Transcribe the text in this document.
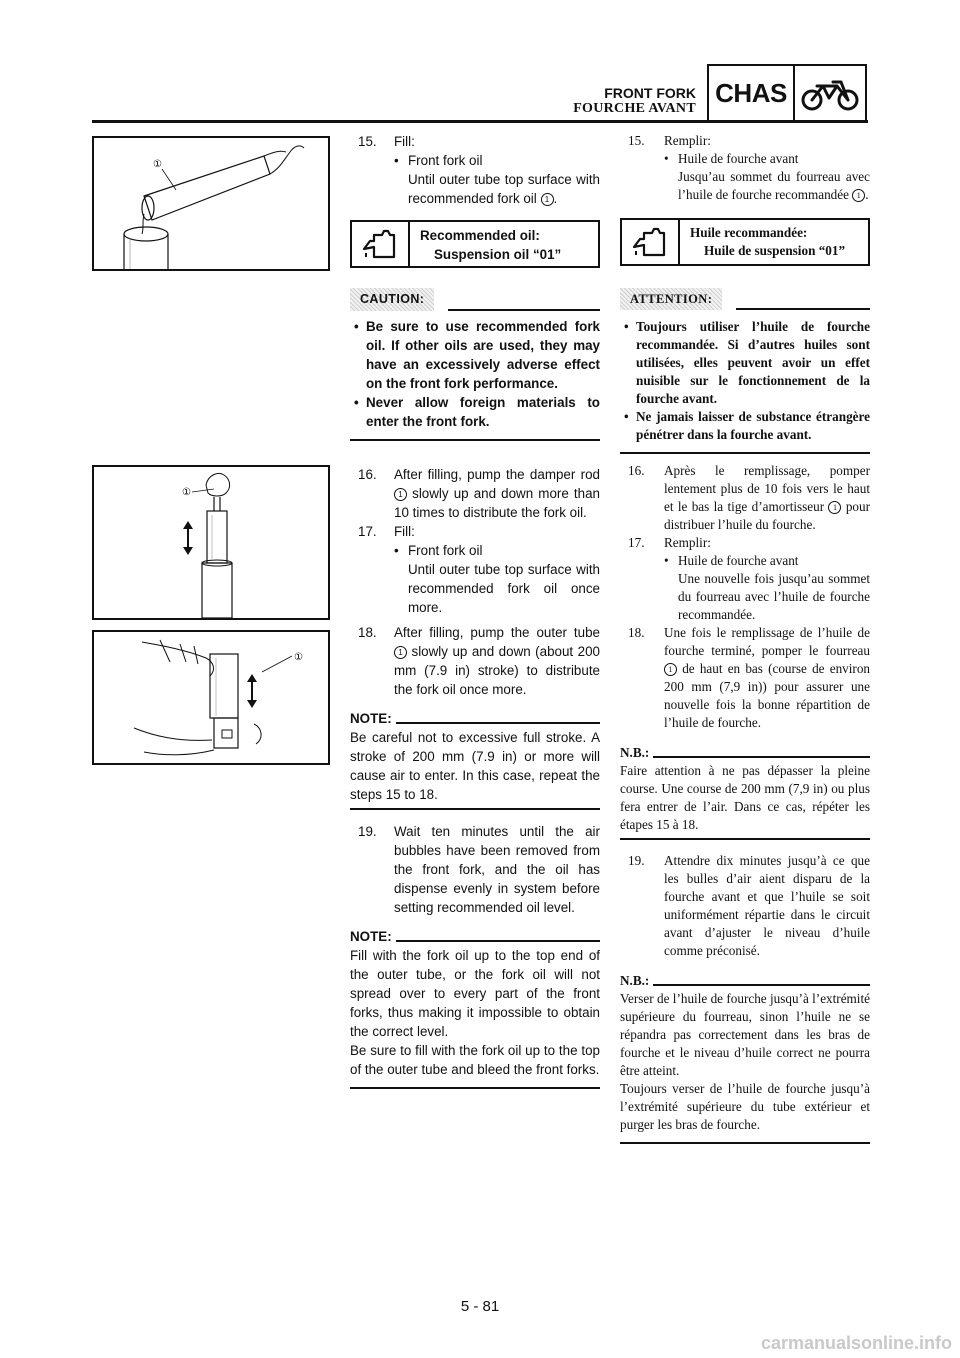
FRONT FORK
FOURCHE AVANT
CHAS
①
①
①

15. Fill:

• Front fork oil

Until outer tube top surface with recommended fork oil 1 .

Recommended oil:
Suspension oil “01”
CAUTION:

• Be sure to use recommended fork oil. If other oils are used, they may have an excessively adverse effect on the front fork performance.

• Never allow foreign materials to enter the front fork.

16. After filling, pump the damper rod 1 slowly up and down more than 10 times to distribute the fork oil.

17. Fill:

• Front fork oil

Until outer tube top surface with recommended fork oil once more.

18. After filling, pump the outer tube 1 slowly up and down (about 200 mm (7.9 in) stroke) to distribute the fork oil once more.

NOTE:

Be careful not to excessive full stroke. A stroke of 200 mm (7.9 in) or more will cause air to enter. In this case, repeat the steps 15 to 18.

19. Wait ten minutes until the air bubbles have been removed from the front fork, and the oil has dispense evenly in system before setting recommended oil level.

NOTE:

Fill with the fork oil up to the top end of the outer tube, or the fork oil will not spread over to every part of the front forks, thus making it impossible to obtain the correct level.

Be sure to fill with the fork oil up to the top of the outer tube and bleed the front forks.

15. Remplir:

• Huile de fourche avant

Jusqu’au sommet du fourreau avec l’huile de fourche recommandée 1 .

Huile recommandée:
Huile de suspension “01”
ATTENTION:

• Toujours utiliser l’huile de fourche recommandée. Si d’autres huiles sont utilisées, elles peuvent avoir un effet nuisible sur le fonctionnement de la fourche avant.

• Ne jamais laisser de substance étrangère pénétrer dans la fourche avant.

16. Après le remplissage, pomper lentement plus de 10 fois vers le haut et le bas la tige d’amortisseur 1 pour distribuer l’huile du fourche.

17. Remplir:

• Huile de fourche avant

Une nouvelle fois jusqu’au sommet du fourreau avec l’huile de fourche recommandée.

18. Une fois le remplissage de l’huile de fourche terminé, pomper le fourreau 1 de haut en bas (course de environ 200 mm (7,9 in)) pour assurer une nouvelle fois la bonne répartition de l’huile de fourche.

N.B.:

Faire attention à ne pas dépasser la pleine course. Une course de 200 mm (7,9 in) ou plus fera entrer de l’air. Dans ce cas, répéter les étapes 15 à 18.

19. Attendre dix minutes jusqu’à ce que les bulles d’air aient disparu de la fourche avant et que l’huile se soit uniformément répartie dans le circuit avant d’ajuster le niveau d’huile comme préconisé.

N.B.:

Verser de l’huile de fourche jusqu’à l’extrémité supérieure du fourreau, sinon l’huile ne se répandra pas correctement dans les bras de fourche et le niveau d’huile correct ne pourra être atteint.

Toujours verser de l’huile de fourche jusqu’à l’extrémité supérieure du tube extérieur et purger les bras de fourche.

5 - 81
carmanualsonline.info
